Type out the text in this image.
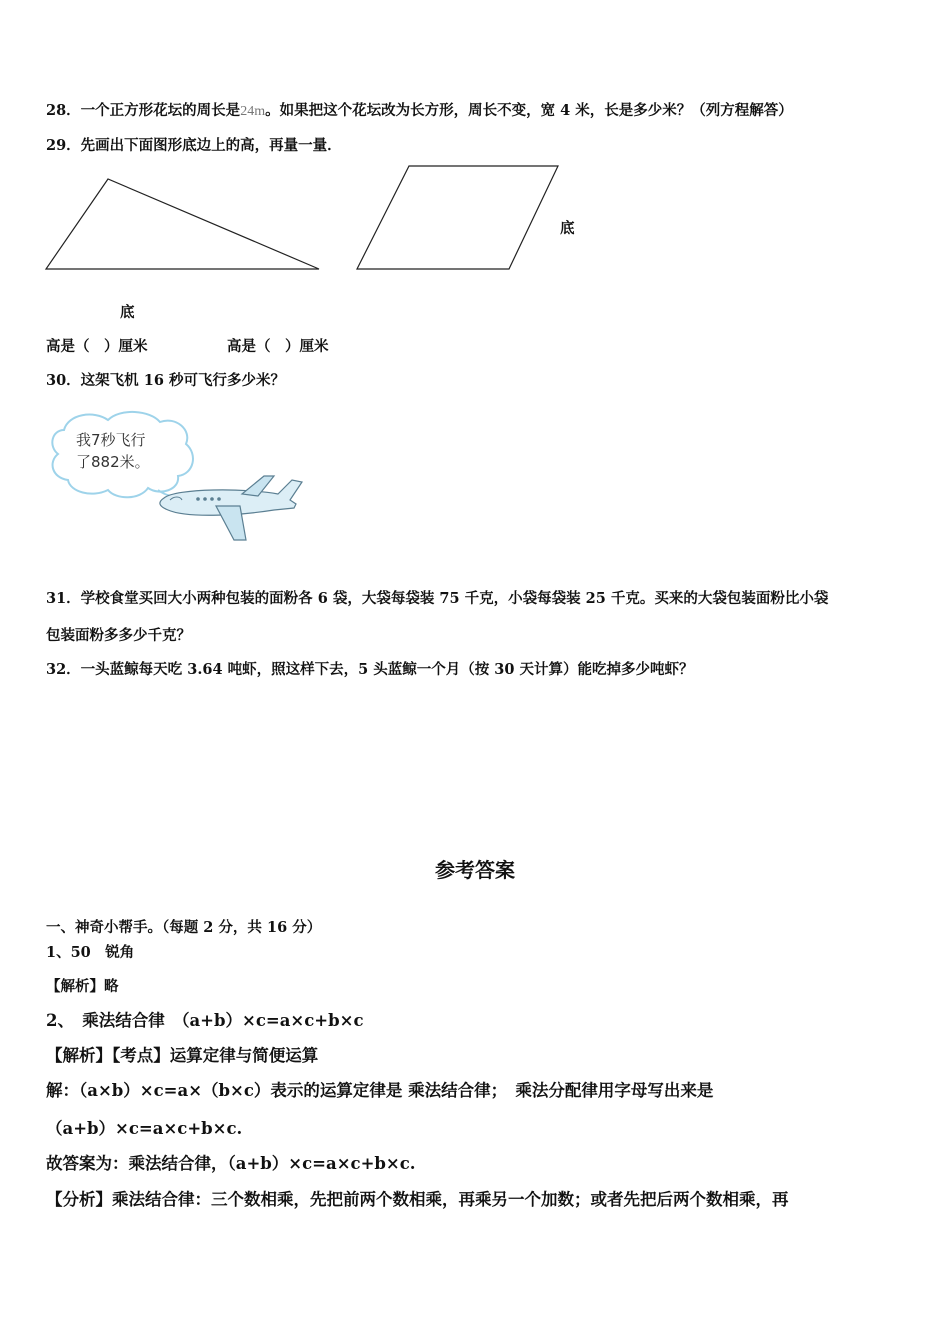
28．一个正方形花坛的周长是24m。如果把这个花坛改为长方形，周长不变，宽 4 米，长是多少米？（列方程解答）
29．先画出下面图形底边上的高，再量一量．
底
底
高是（　）厘米	高是（　）厘米
30．这架飞机 16 秒可飞行多少米？
我7秒飞行
了882米。
31．学校食堂买回大小两种包装的面粉各 6 袋，大袋每袋装 75 千克，小袋每袋装 25 千克。买来的大袋包装面粉比小袋
包装面粉多多少千克？
32．一头蓝鲸每天吃 3.64 吨虾，照这样下去，5 头蓝鲸一个月（按 30 天计算）能吃掉多少吨虾？
参考答案
一、神奇小帮手。（每题 2 分，共 16 分）
1、50　锐角
【解析】略
2、　乘法结合律　（a+b）×c=a×c+b×c
【解析】【考点】运算定律与简便运算
解：（a×b）×c=a×（b×c）表示的运算定律是 乘法结合律；　乘法分配律用字母写出来是
（a+b）×c=a×c+b×c.
故答案为：乘法结合律，（a+b）×c=a×c+b×c.
【分析】乘法结合律：三个数相乘，先把前两个数相乘，再乘另一个加数；或者先把后两个数相乘，再
